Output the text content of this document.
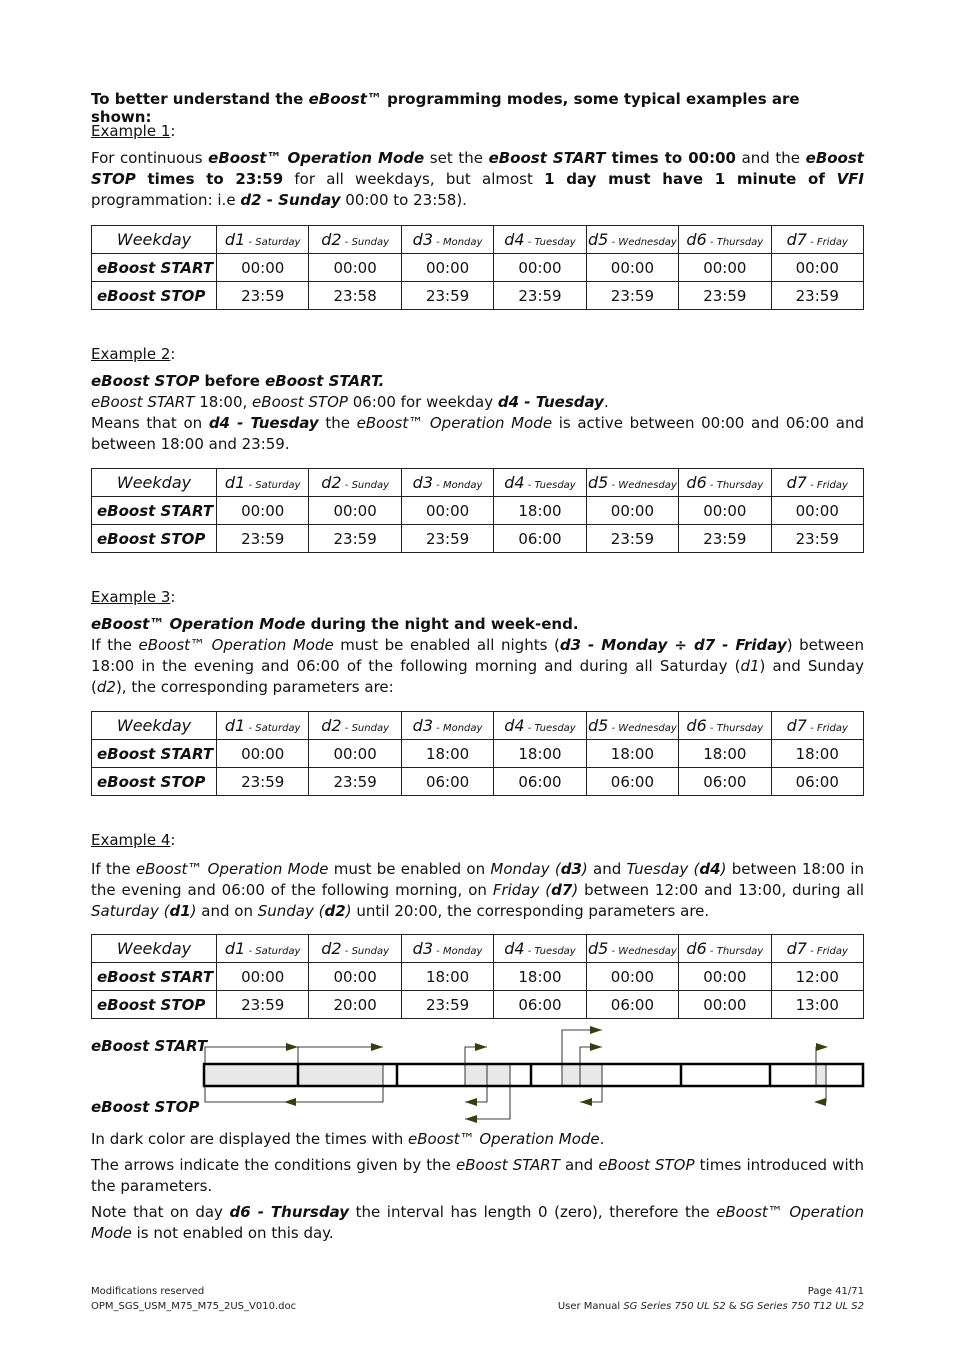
To better understand the eBoost™ programming modes, some typical examples are shown:

Example 1:

For continuous eBoost™ Operation Mode set the eBoost START times to 00:00 and the eBoost STOP times to 23:59 for all weekdays, but almost 1 day must have 1 minute of VFI programmation: i.e d2 - Sunday 00:00 to 23:58).

Weekday	d1 - Saturday	d2 - Sunday	d3 - Monday	d4 - Tuesday	d5 - Wednesday	d6 - Thursday	d7 - Friday
eBoost START	00:00	00:00	00:00	00:00	00:00	00:00	00:00
eBoost STOP	23:59	23:58	23:59	23:59	23:59	23:59	23:59

Example 2:

eBoost STOP before eBoost START.

eBoost START 18:00, eBoost STOP 06:00 for weekday d4 - Tuesday.

Means that on d4 - Tuesday the eBoost™ Operation Mode is active between 00:00 and 06:00 and between 18:00 and 23:59.

Weekday	d1 - Saturday	d2 - Sunday	d3 - Monday	d4 - Tuesday	d5 - Wednesday	d6 - Thursday	d7 - Friday
eBoost START	00:00	00:00	00:00	18:00	00:00	00:00	00:00
eBoost STOP	23:59	23:59	23:59	06:00	23:59	23:59	23:59

Example 3:

eBoost™ Operation Mode during the night and week-end.

If the eBoost™ Operation Mode must be enabled all nights (d3 - Monday ÷ d7 - Friday) between 18:00 in the evening and 06:00 of the following morning and during all Saturday (d1) and Sunday (d2), the corresponding parameters are:

Weekday	d1 - Saturday	d2 - Sunday	d3 - Monday	d4 - Tuesday	d5 - Wednesday	d6 - Thursday	d7 - Friday
eBoost START	00:00	00:00	18:00	18:00	18:00	18:00	18:00
eBoost STOP	23:59	23:59	06:00	06:00	06:00	06:00	06:00

Example 4:

If the eBoost™ Operation Mode must be enabled on Monday (d3) and Tuesday (d4) between 18:00 in the evening and 06:00 of the following morning, on Friday (d7) between 12:00 and 13:00, during all Saturday (d1) and on Sunday (d2) until 20:00, the corresponding parameters are.

Weekday	d1 - Saturday	d2 - Sunday	d3 - Monday	d4 - Tuesday	d5 - Wednesday	d6 - Thursday	d7 - Friday
eBoost START	00:00	00:00	18:00	18:00	00:00	00:00	12:00
eBoost STOP	23:59	20:00	23:59	06:00	06:00	00:00	13:00
eBoost START
eBoost STOP

In dark color are displayed the times with eBoost™ Operation Mode.

The arrows indicate the conditions given by the eBoost START and eBoost STOP times introduced with the parameters.

Note that on day d6 - Thursday the interval has length 0 (zero), therefore the eBoost™ Operation Mode is not enabled on this day.

Modifications reserved
OPM_SGS_USM_M75_M75_2US_V010.doc
Page 41/71
User Manual SG Series 750 UL S2 & SG Series 750 T12 UL S2
